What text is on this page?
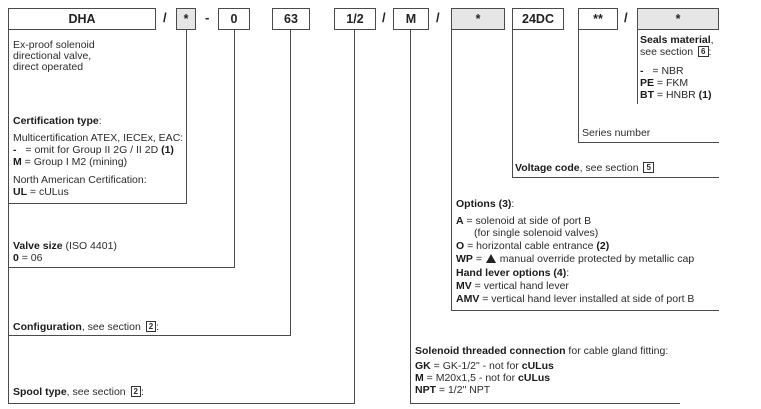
DHA	/ * - 0	63	1/2 / M /	*	24DC	** /	*
Ex-proof solenoid
directional valve,
direct operated
Certification type:
Multicertification ATEX, IECEx, EAC:
- = omit for Group II 2G / II 2D (1)
M = Group I M2 (mining)
North American Certification:
UL = cULus
Valve size (ISO 4401)
0 = 06
Configuration, see section 2 :
Spool type, see section 2 :
Seals material,
see section 6 :
- = NBR
PE = FKM
BT = HNBR (1)
Series number
Voltage code, see section 5
Options (3):
A = solenoid at side of port B
(for single solenoid valves)
O = horizontal cable entrance (2)
WP =  manual override protected by metallic cap
Hand lever options (4):
MV = vertical hand lever
AMV = vertical hand lever installed at side of port B
Solenoid threaded connection for cable gland fitting:
GK = GK-1/2" - not for cULus
M = M20x1,5 - not for cULus
NPT = 1/2" NPT
